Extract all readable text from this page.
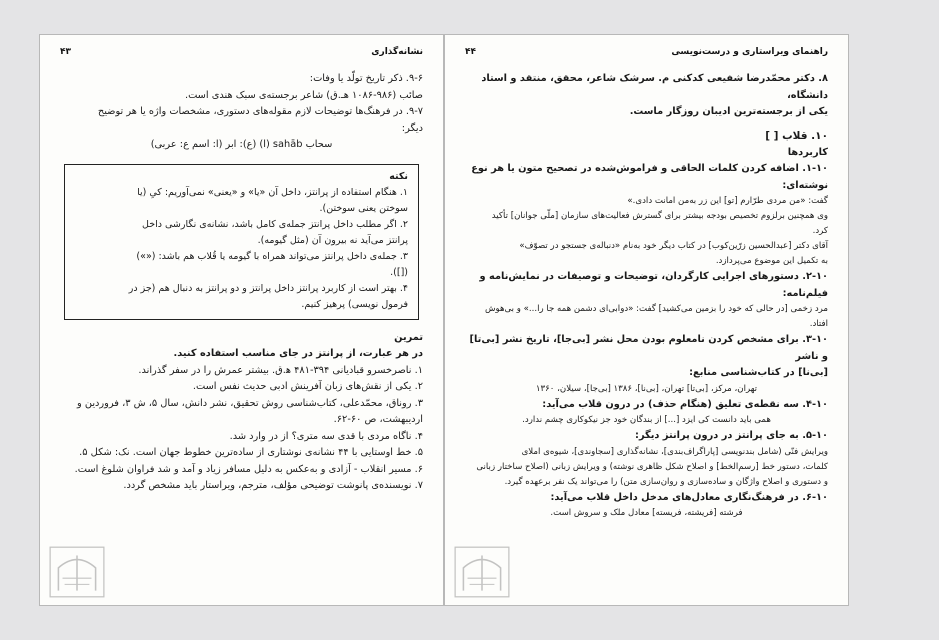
نشانه‌گذاری
۴۳

۹-۶. ذکر تاریخ تولّد یا وفات:

صائب (۹۸۶-۱۰۸۶ هـ.ق) شاعر برجسته‌ی سبک هندی است.

۹-۷. در فرهنگ‌ها توضیحات لازم مقوله‌های دستوری، مشخصات واژه یا هر توضیح

دیگر:

سحاب sahāb (ا) (ع): ابر (ا: اسم ع: عربی)

نکته

۱. هنگام استفاده از پرانتز، داخل آن «یا» و «یعنی» نمی‌آوریم: کیِ (یا

سوختن یعنی سوختن).

۲. اگر مطلب داخل پرانتز جمله‌ی کامل باشد، نشانه‌ی نگارشی داخل

پرانتز می‌آید نه بیرون آن (مثل گیومه).

۳. جمله‌ی داخل پرانتز می‌تواند همراه با گیومه یا قُلاب هم باشد: («»)

([]).

۴. بهتر است از کاربرد پرانتز داخل پرانتز و دو پرانتز به دنبال هم (جز در

فرمول نویسی) پرهیز کنیم.

تمرین

در هر عبارت، از پرانتز در جای مناسب استفاده کنید.

۱. ناصرخسرو قبادیانی ۳۹۴-۴۸۱ ه‍.ق. بیشتر عمرش را در سفر گذراند.

۲. یکی از نقش‌های زبان آفرینش ادبی حدیث نفس است.

۳. روناق، محمّدعلی، کتاب‌شناسی روش تحقیق، نشر دانش، سال ۵، ش ۳، فروردین و

اردیبهشت، ص ۶۰-۶۲.

۴. ناگاه مردی با قدی سه متری؟ از در وارد شد.

۵. خط اوستایی با ۴۴ نشانه‌ی نوشتاری از ساده‌ترین خطوط جهان است. نک: شکل ۵.

۶. مسیر انقلاب - آزادی و به‌عکس به دلیل مسافر زیاد و آمد و شد فراوان شلوغ است.

۷. نویسنده‌ی پانوشت توضیحی مؤلف، مترجم، ویراستار باید مشخص گردد.

راهنمای ویراستاری و درست‌نویسی
۴۴

۸. دکتر محمّدرضا شفیعی کدکنی م. سرشک شاعر، محقق، منتقد و استاد دانشگاه،

یکی از برجسته‌ترین ادیبان روزگار ماست.

۱۰. قلاب [ ]

کاربردها

۱-۱۰. اضافه کردن کلمات الحاقی و فراموش‌شده در تصحیح متون یا هر نوع نوشته‌ای:

گفت: «من مردی طرّارم [تو] این زر به‌من امانت دادی.»

وی همچنین برلزوم تخصیص بودجه بیشتر برای گسترش فعالیت‌های سازمان [ملّی جوانان] تأکید

کرد.

آقای دکتر [عبدالحسین زرّین‌کوب] در کتاب دیگر خود به‌نام «دنباله‌ی جستجو در تصوّف»

به تکمیل این موضوع می‌پردازد.

۲-۱۰. دستورهای اجرایی کارگردان، توضیحات و توصیفات در نمایش‌نامه و فیلم‌نامه:

مرد زخمی [در حالی که خود را بزمین می‌کشید] گفت: «دوابی‌ای دشمن همه جا را...» و بی‌هوش

افتاد.

۳-۱۰. برای مشخص کردن نامعلوم بودن محل نشر [بی‌جا]، تاریخ نشر [بی‌تا] و ناشر

[بی‌نا] در کتاب‌شناسی منابع:

تهران، مرکز، [بی‌تا] تهران، [بی‌نا]، ۱۳۸۶ [بی‌جا]، سیلان، ۱۳۶۰

۴-۱۰. سه نقطه‌ی تعلیق (هنگام حذف) در درون قلاب می‌آید:

همی باید دانست کی ایزد [...] از بندگان خود جز نیکوکاری چشم ندارد.

۵-۱۰. به جای پرانتز در درون پرانتز دیگر:

ویرایش فنّی (شامل بندنویسی [پاراگراف‌بندی]، نشانه‌گذاری [سجاوندی]، شیوه‌ی املای

کلمات، دستور خط [رسم‌الخط] و اصلاح شکل ظاهری نوشته) و ویرایش زبانی (اصلاح ساختار زبانی

و دستوری و اصلاح واژگان و ساده‌سازی و روان‌سازی متن) را می‌تواند یک نفر برعهده گیرد.

۶-۱۰. در فرهنگ‌نگاری معادل‌های مدخل داخل قلاب می‌آید:

فرشته [فریشته، فریسته] معادل ملک و سروش است.
